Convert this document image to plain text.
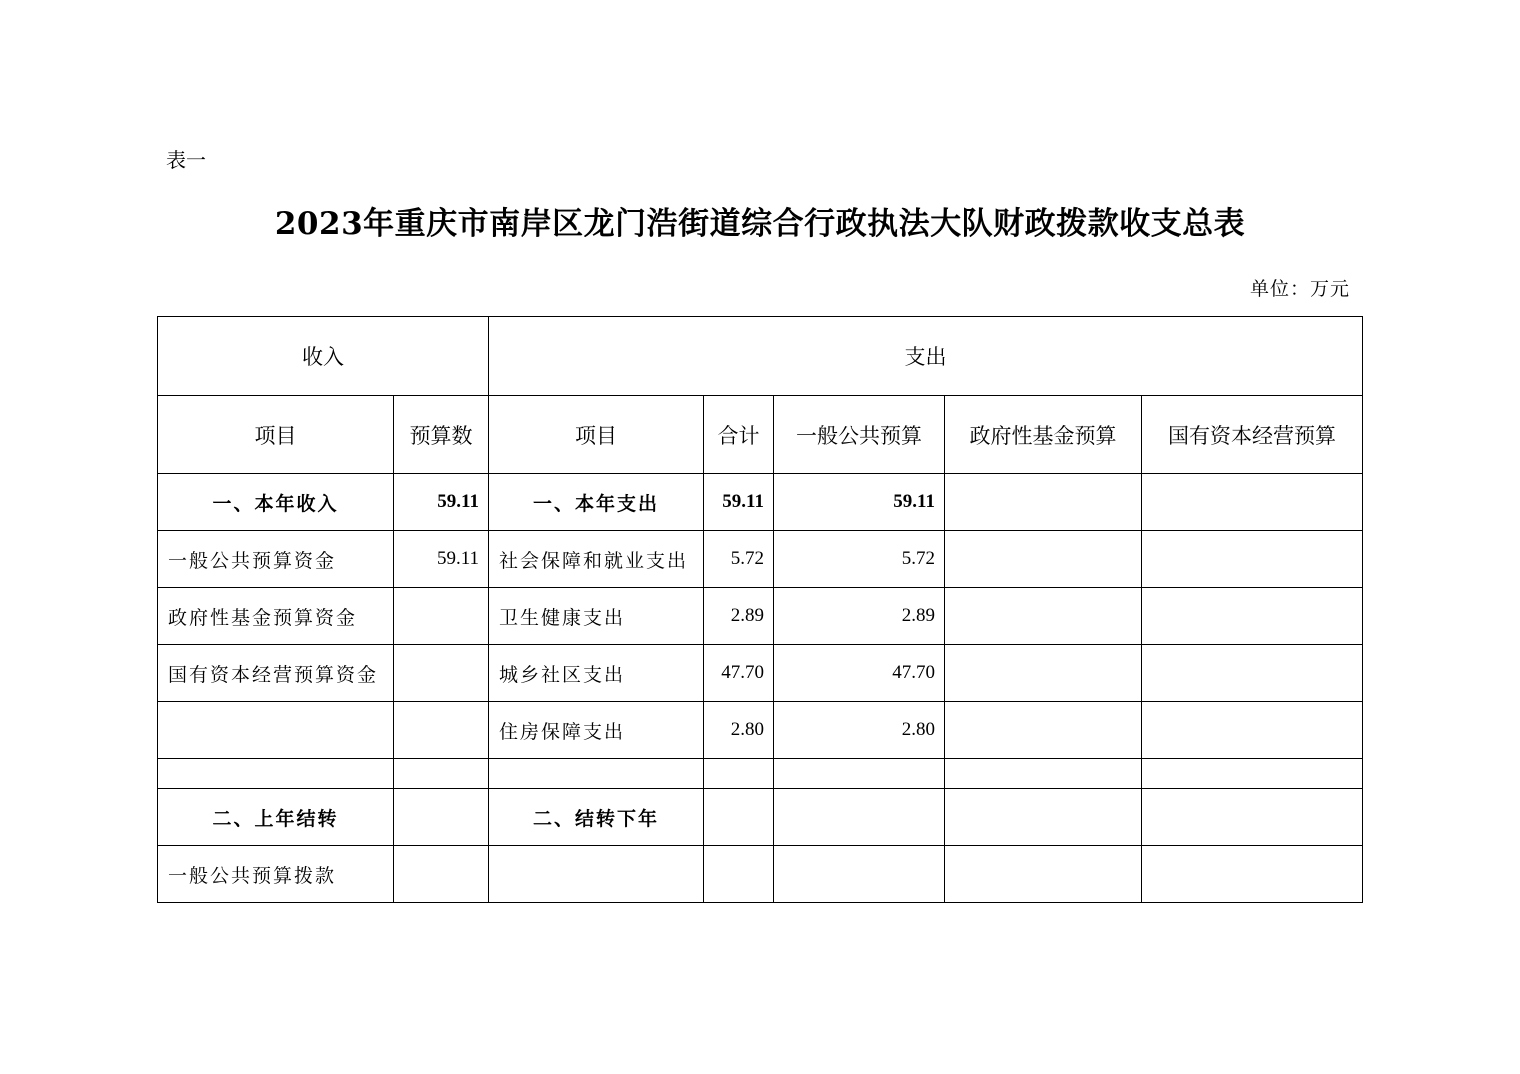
表一
2023年重庆市南岸区龙门浩街道综合行政执法大队财政拨款收支总表
单位：万元
收入		支出				
项目	预算数	项目	合计	一般公共预算	政府性基金预算	国有资本经营预算
一、本年收入	59.11	一、本年支出	59.11	59.11		
一般公共预算资金	59.11	社会保障和就业支出	5.72	5.72		
政府性基金预算资金		卫生健康支出	2.89	2.89		
国有资本经营预算资金		城乡社区支出	47.70	47.70		
		住房保障支出	2.80	2.80		

二、上年结转		二、结转下年				
一般公共预算拨款						
